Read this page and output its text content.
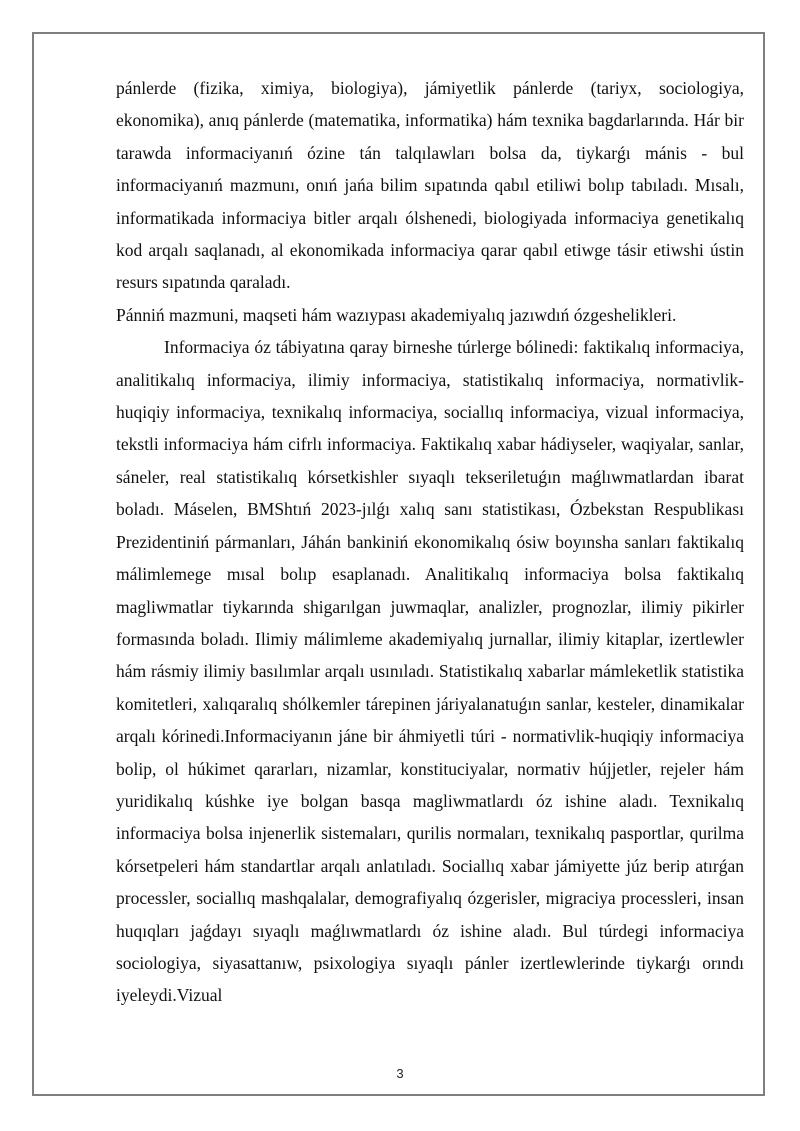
pánlerde (fizika, ximiya, biologiya), jámiyetlik pánlerde (tariyx, sociologiya, ekonomika), anıq pánlerde (matematika, informatika) hám texnika bagdarlarında. Hár bir tarawda informaciyanıń ózine tán talqılawları bolsa da, tiykarǵı mánis - bul informaciyanıń mazmunı, onıń jańa bilim sıpatında qabıl etiliwi bolıp tabıladı. Mısalı, informatikada informaciya bitler arqalı ólshenedi, biologiyada informaciya genetikalıq kod arqalı saqlanadı, al ekonomikada informaciya qarar qabıl etiwge tásir etiwshi ústin resurs sıpatında qaraladı.

Pánniń mazmuni, maqseti hám wazıypası akademiyalıq jazıwdıń ózgeshelikleri.

Informaciya óz tábiyatına qaray birneshe túrlerge bólinedi: faktikalıq informaciya, analitikalıq informaciya, ilimiy informaciya, statistikalıq informaciya, normativlik-huqiqiy informaciya, texnikalıq informaciya, sociallıq informaciya, vizual informaciya, tekstli informaciya hám cifrlı informaciya. Faktikalıq xabar hádiyseler, waqiyalar, sanlar, sáneler, real statistikalıq kórsetkishler sıyaqlı tekseriletuǵın maǵlıwmatlardan ibarat boladı. Máselen, BMShtıń 2023-jılǵı xalıq sanı statistikası, Ózbekstan Respublikası Prezidentiniń pármanları, Jáhán bankiniń ekonomikalıq ósiw boyınsha sanları faktikalıq málimlemege mısal bolıp esaplanadı. Analitikalıq informaciya bolsa faktikalıq magliwmatlar tiykarında shigarılgan juwmaqlar, analizler, prognozlar, ilimiy pikirler formasında boladı. Ilimiy málimleme akademiyalıq jurnallar, ilimiy kitaplar, izertlewler hám rásmiy ilimiy basılımlar arqalı usınıladı. Statistikalıq xabarlar mámleketlik statistika komitetleri, xalıqaralıq shólkemler tárepinen járiyalanatuǵın sanlar, kesteler, dinamikalar arqalı kórinedi.Informaciyanın jáne bir áhmiyetli túri - normativlik-huqiqiy informaciya bolip, ol húkimet qararları, nizamlar, konstituciyalar, normativ hújjetler, rejeler hám yuridikalıq kúshke iye bolgan basqa magliwmatlardı óz ishine aladı. Texnikalıq informaciya bolsa injenerlik sistemaları, qurilis normaları, texnikalıq pasportlar, qurilma kórsetpeleri hám standartlar arqalı anlatıladı. Sociallıq xabar jámiyette júz berip atırǵan processler, sociallıq mashqalalar, demografiyalıq ózgerisler, migraciya processleri, insan huqıqları jaǵdayı sıyaqlı maǵlıwmatlardı óz ishine aladı. Bul túrdegi informaciya sociologiya, siyasattanıw, psixologiya sıyaqlı pánler izertlewlerinde tiykarǵı orındı iyeleydi.Vizual

3
